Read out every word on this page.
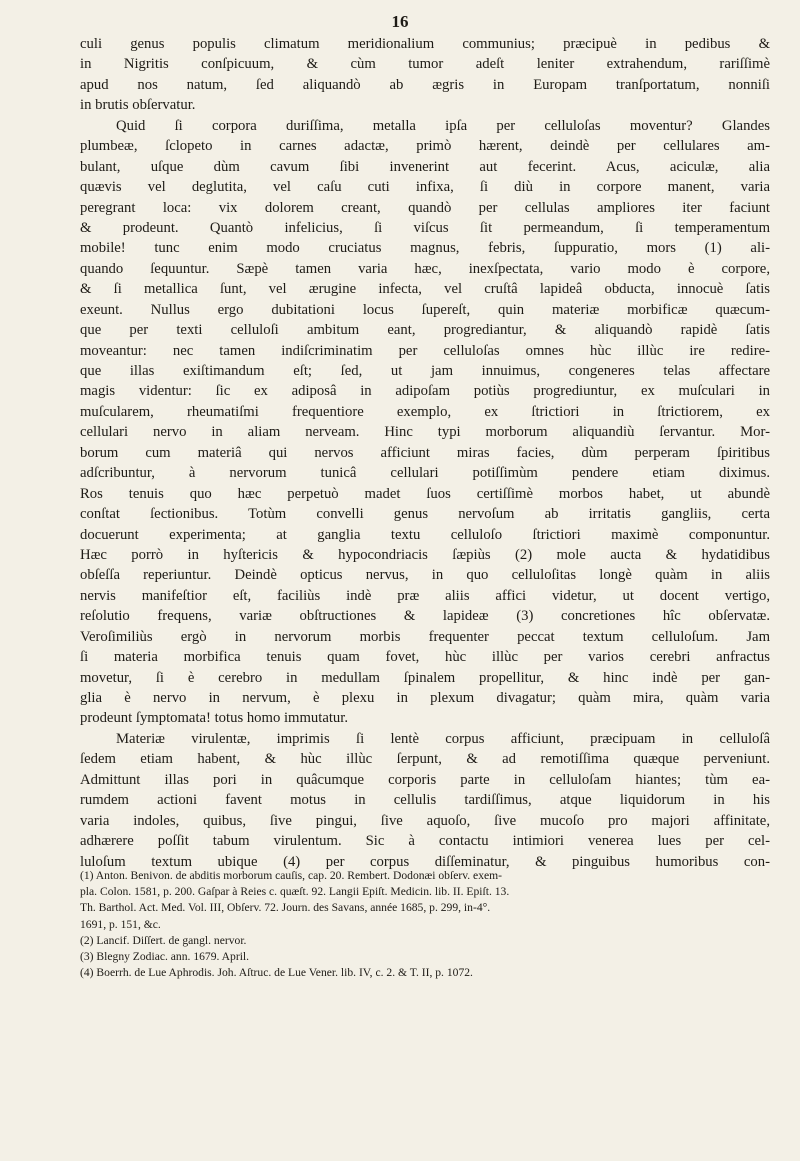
16
culi genus populis climatum meridionalium communius; præcipuè in pedibus &
in Nigritis conſpicuum, & cùm tumor adeſt leniter extrahendum, rariſſimè
apud nos natum, ſed aliquandò ab ægris in Europam tranſportatum, nonniſi
in brutis obſervatur.
Quid ſi corpora duriſſima, metalla ipſa per cellulоſas moventur? Glandes
plumbeæ, ſclopeto in carnes adactæ, primò hærent, deindè per cellulares am-
bulant, uſque dùm cavum ſibi invenerint aut fecerint. Acus, aciculæ, alia
quævis vel deglutita, vel caſu cuti infixa, ſi diù in corpore manent, varia
peregrant loca: vix dolorem creant, quandò per cellulas ampliores iter faciunt
& prodeunt. Quantò infelicius, ſi viſcus ſit permeandum, ſi temperamentum
mobile! tunc enim modo cruciatus magnus, febris, ſuppuratio, mors (1) ali-
quando ſequuntur. Sæpè tamen varia hæc, inexſpectata, vario modo è corpore,
& ſi metallica ſunt, vel ærugine infecta, vel cruſtâ lapideâ obducta, innocuè ſatis
exeunt. Nullus ergo dubitationi locus ſupereſt, quin materiæ morbificæ quæcum-
que per texti celluloſi ambitum eant, progrediantur, & aliquandò rapidè ſatis
moveantur: nec tamen indiſcriminatim per celluloſas omnes hùc illùc ire redire-
que illas exiſtimandum eſt; ſed, ut jam innuimus, congeneres telas affectare
magis videntur: ſic ex adiposâ in adipoſam potiùs progrediuntur, ex muſculari in
muſcularem, rheumatiſmi frequentiore exemplo, ex ſtrictiori in ſtrictiorem, ex
cellulari nervo in aliam nerveam. Hinc typi morborum aliquandiù ſervantur. Mor-
borum cum materiâ qui nervos afficiunt miras facies, dùm perperam ſpiritibus
adſcribuntur, à nervorum tunicâ cellulari potiſſimùm pendere etiam diximus.
Ros tenuis quo hæc perpetuò madet ſuos certiſſimè morbos habet, ut abundè
conſtat ſectionibus. Totùm convelli genus nervoſum ab irritatis gangliis, certa
docuerunt experimenta; at ganglia textu celluloſo ſtrictiori maximè componuntur.
Hæc porrò in hyſtericis & hypocondriacis ſæpiùs (2) mole aucta & hydatidibus
obſeſſa reperiuntur. Deindè opticus nervus, in quo cellulоſitas longè quàm in aliis
nervis manifeſtior eſt, faciliùs indè præ aliis affici videtur, ut docent vertigo,
reſolutio frequens, variæ obſtructiones & lapideæ (3) concretiones hîc obſervatæ.
Veroſimiliùs ergò in nervorum morbis frequenter peccat textum cellulоſum. Jam
ſi materia morbifica tenuis quam fovet, hùc illùc per varios cerebri anfractus
movetur, ſi è cerebro in medullam ſpinalem propellitur, & hinc indè per gan-
glia è nervo in nervum, è plexu in plexum divagatur; quàm mira, quàm varia
prodeunt ſymptomata! totus homo immutatur.
Materiæ virulentæ, imprimis ſi lentè corpus afficiunt, præcipuam in celluloſâ
ſedem etiam habent, & hùc illùc ſerpunt, & ad remotiſſima quæque perveniunt.
Admittunt illas pori in quâcumque corporis parte in celluloſam hiantes; tùm ea-
rumdem actioni favent motus in cellulis tardiſſimus, atque liquidorum in his
varia indoles, quibus, ſive pingui, ſive aquoſo, ſive mucoſo pro majori affinitate,
adhærere poſſit tabum virulentum. Sic à contactu intimiori venerea lues per cel-
luloſum textum ubique (4) per corpus diſſeminatur, & pinguibus humoribus con-
(1) Anton. Benivon. de abditis morborum cauſis, cap. 20. Rembert. Dodonæi obſerv. exem-
pla. Colon. 1581, p. 200. Gaſpar à Reies c. quæſt. 92. Langii Epiſt. Medicin. lib. II. Epiſt. 13.
Th. Barthol. Act. Med. Vol. III, Obſerv. 72. Journ. des Savans, année 1685, p. 299, in-4°.
1691, p. 151, &c.
(2) Lancif. Diſſert. de gangl. nervor.
(3) Blegny Zodiac. ann. 1679. April.
(4) Boerrh. de Lue Aphrodis. Joh. Aſtruc. de Lue Vener. lib. IV, c. 2. & T. II, p. 1072.
